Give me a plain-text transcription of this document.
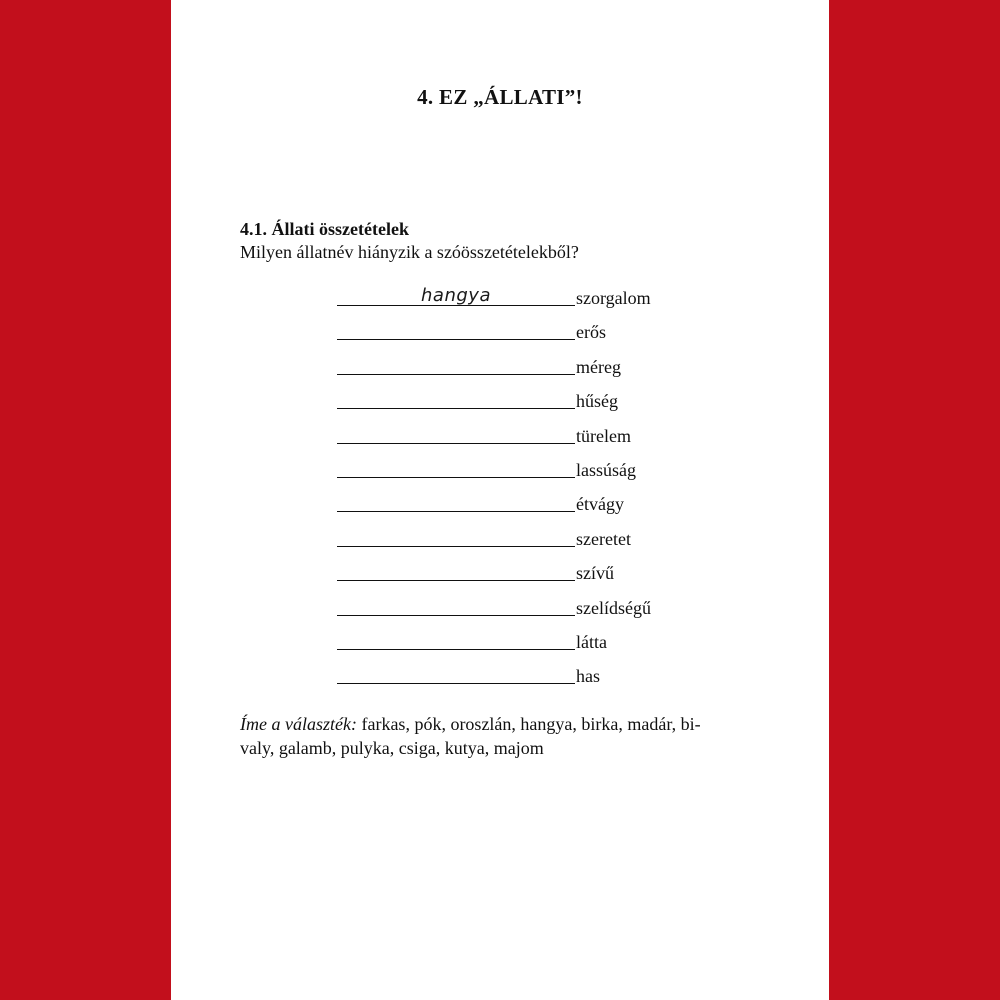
4. EZ „ÁLLATI”!
4.1. Állati összetételek
Milyen állatnév hiányzik a szóösszetételekből?
hangya	szorgalom
erős
méreg
hűség
türelem
lassúság
étvágy
szeretet
szívű
szelídségű
látta
has
Íme a választék: farkas, pók, oroszlán, hangya, birka, madár, bi-
valy, galamb, pulyka, csiga, kutya, majom
